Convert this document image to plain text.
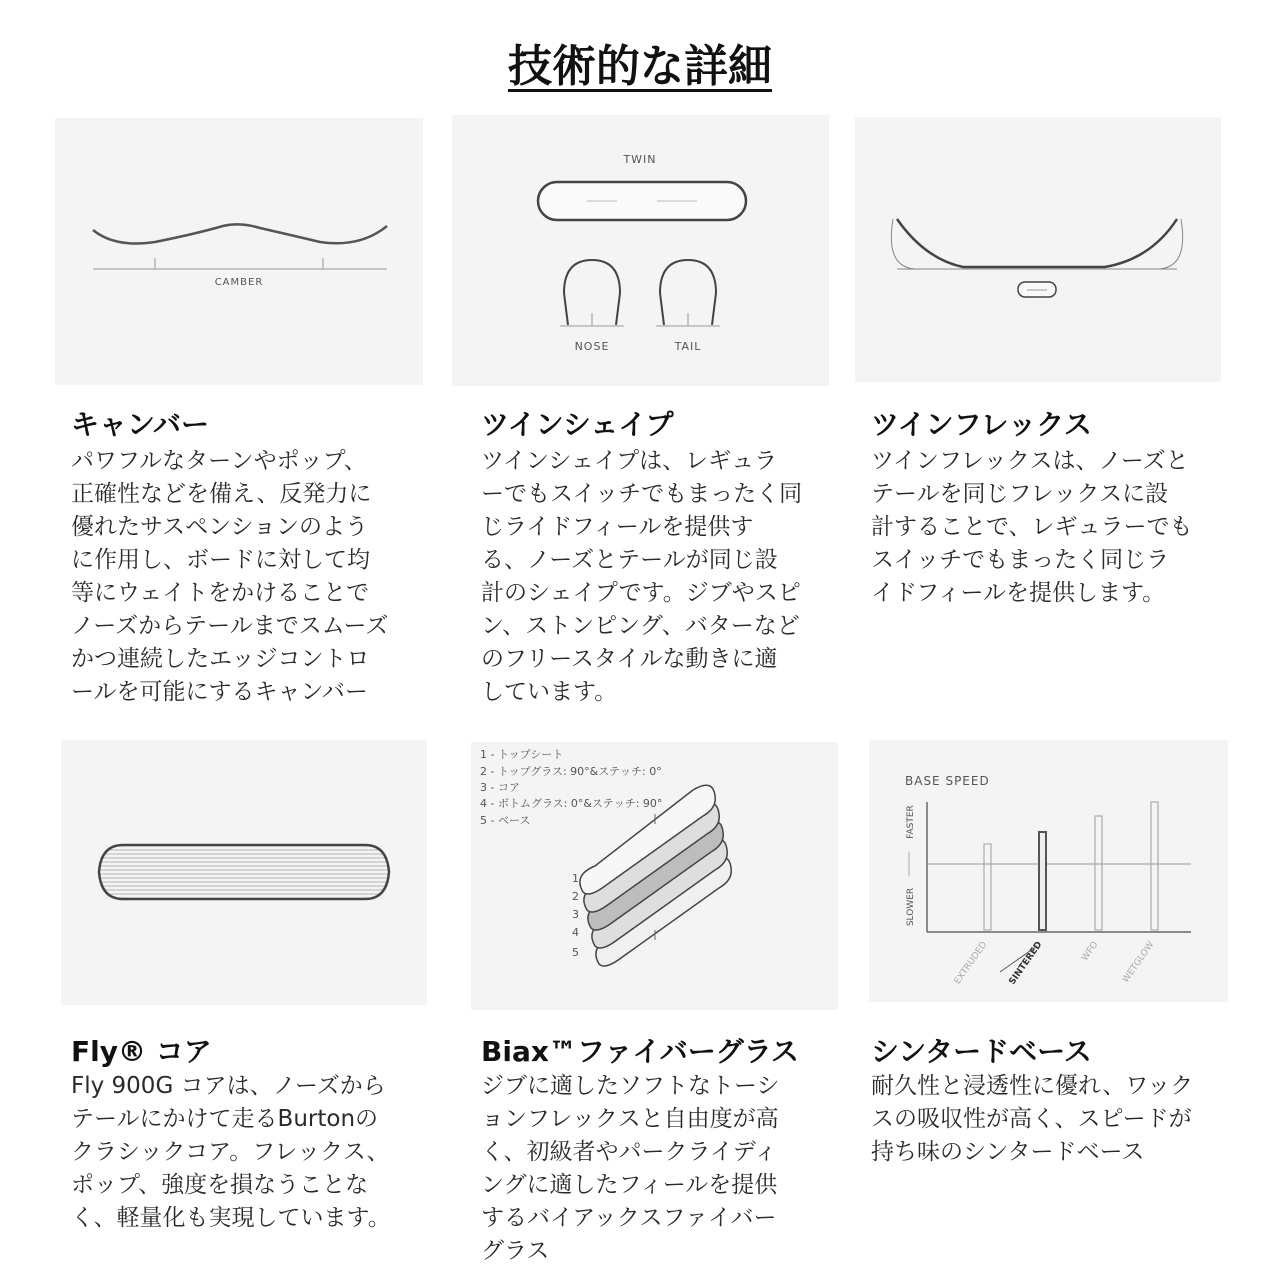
技術的な詳細
CAMBER
TWIN
NOSE	TAIL
1 - トップシート
2 - トップグラス: 90°&ステッチ: 0°
3 - コア
4 - ボトムグラス: 0°&ステッチ: 90°
5 - ベース
1
2
3
4
5
BASE SPEED
FASTER
SLOWER
EXTRUDED SINTERED	WFO WETGLOW
キャンバー
パワフルなターンやポップ、
正確性などを備え、反発力に
優れたサスペンションのよう
に作用し、ボードに対して均
等にウェイトをかけることで
ノーズからテールまでスムーズ
かつ連続したエッジコントロ
ールを可能にするキャンバー
ツインシェイプ
ツインシェイプは、レギュラ
ーでもスイッチでもまったく同
じライドフィールを提供す
る、ノーズとテールが同じ設
計のシェイプです。ジブやスピ
ン、ストンピング、バターなど
のフリースタイルな動きに適
しています。
ツインフレックス
ツインフレックスは、ノーズと
テールを同じフレックスに設
計することで、レギュラーでも
スイッチでもまったく同じラ
イドフィールを提供します。
Fly® コア
Fly 900G コアは、ノーズから
テールにかけて走るBurtonの
クラシックコア。フレックス、
ポップ、強度を損なうことな
く、軽量化も実現しています。
Biax™ファイバーグラス
ジブに適したソフトなトーシ
ョンフレックスと自由度が高
く、初級者やパークライディ
ングに適したフィールを提供
するバイアックスファイバー
グラス
シンタードベース
耐久性と浸透性に優れ、ワック
スの吸収性が高く、スピードが
持ち味のシンタードベース
